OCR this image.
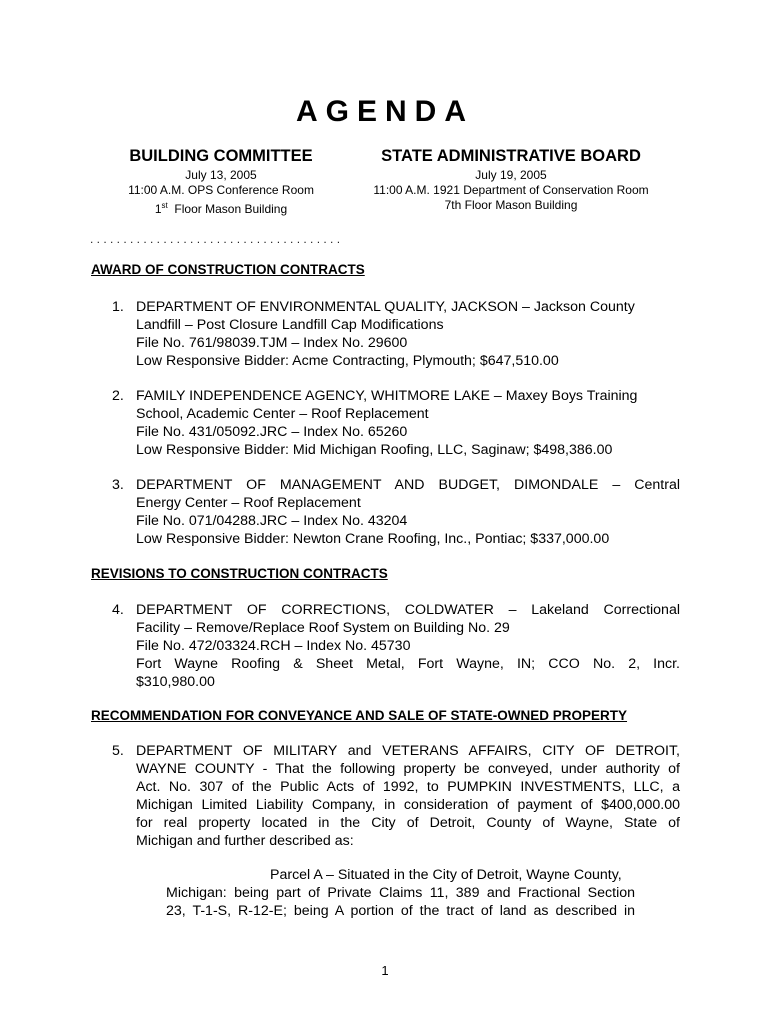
AGENDA
BUILDING COMMITTEE
July 13, 2005
11:00 A.M. OPS Conference Room
1st Floor Mason Building
STATE ADMINISTRATIVE BOARD
July 19, 2005
11:00 A.M. 1921 Department of Conservation Room
7th Floor Mason Building
. . . . . . . . . . . . . . . . . . . . . . . . . . . . . . . . . . . . . .
AWARD OF CONSTRUCTION CONTRACTS
1. DEPARTMENT OF ENVIRONMENTAL QUALITY, JACKSON – Jackson County
Landfill – Post Closure Landfill Cap Modifications
File No. 761/98039.TJM – Index No. 29600
Low Responsive Bidder: Acme Contracting, Plymouth; $647,510.00
2. FAMILY INDEPENDENCE AGENCY, WHITMORE LAKE – Maxey Boys Training
School, Academic Center – Roof Replacement
File No. 431/05092.JRC – Index No. 65260
Low Responsive Bidder: Mid Michigan Roofing, LLC, Saginaw; $498,386.00
3. DEPARTMENT OF MANAGEMENT AND BUDGET, DIMONDALE – Central
Energy Center – Roof Replacement
File No. 071/04288.JRC – Index No. 43204
Low Responsive Bidder: Newton Crane Roofing, Inc., Pontiac; $337,000.00
REVISIONS TO CONSTRUCTION CONTRACTS
4. DEPARTMENT OF CORRECTIONS, COLDWATER – Lakeland Correctional
Facility – Remove/Replace Roof System on Building No. 29
File No. 472/03324.RCH – Index No. 45730
Fort Wayne Roofing & Sheet Metal, Fort Wayne, IN; CCO No. 2, Incr.
$310,980.00
RECOMMENDATION FOR CONVEYANCE AND SALE OF STATE-OWNED PROPERTY
5. DEPARTMENT OF MILITARY and VETERANS AFFAIRS, CITY OF DETROIT,
WAYNE COUNTY - That the following property be conveyed, under authority of
Act. No. 307 of the Public Acts of 1992, to PUMPKIN INVESTMENTS, LLC, a
Michigan Limited Liability Company, in consideration of payment of $400,000.00
for real property located in the City of Detroit, County of Wayne, State of
Michigan and further described as:
Parcel A – Situated in the City of Detroit, Wayne County,
Michigan: being part of Private Claims 11, 389 and Fractional Section
23, T-1-S, R-12-E; being A portion of the tract of land as described in
1
